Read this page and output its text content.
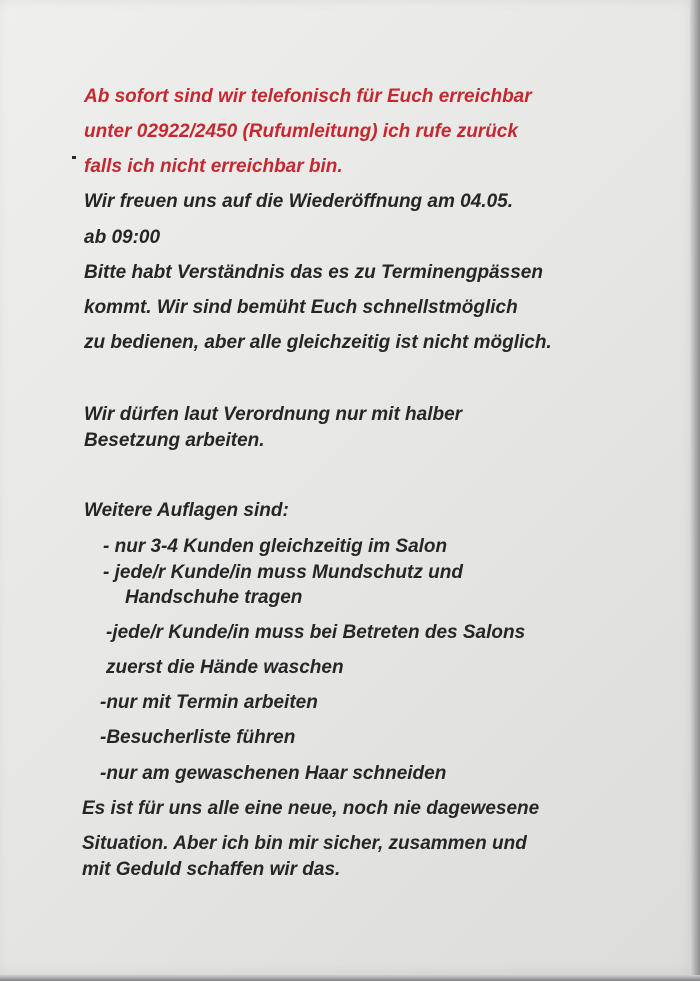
Ab sofort sind wir telefonisch für Euch erreichbar
unter 02922/2450 (Rufumleitung) ich rufe zurück
falls ich nicht erreichbar bin.
Wir freuen uns auf die Wiederöffnung am 04.05.
ab 09:00
Bitte habt Verständnis das es zu Terminengpässen
kommt. Wir sind bemüht Euch schnellstmöglich
zu bedienen, aber alle gleichzeitig ist nicht möglich.
Wir dürfen laut Verordnung nur mit halber
Besetzung arbeiten.
Weitere Auflagen sind:
- nur 3-4 Kunden gleichzeitig im Salon
- jede/r Kunde/in muss Mundschutz und
Handschuhe tragen
-jede/r Kunde/in muss bei Betreten des Salons
zuerst die Hände waschen
-nur mit Termin arbeiten
-Besucherliste führen
-nur am gewaschenen Haar schneiden
Es ist für uns alle eine neue, noch nie dagewesene
Situation. Aber ich bin mir sicher, zusammen und
mit Geduld schaffen wir das.
